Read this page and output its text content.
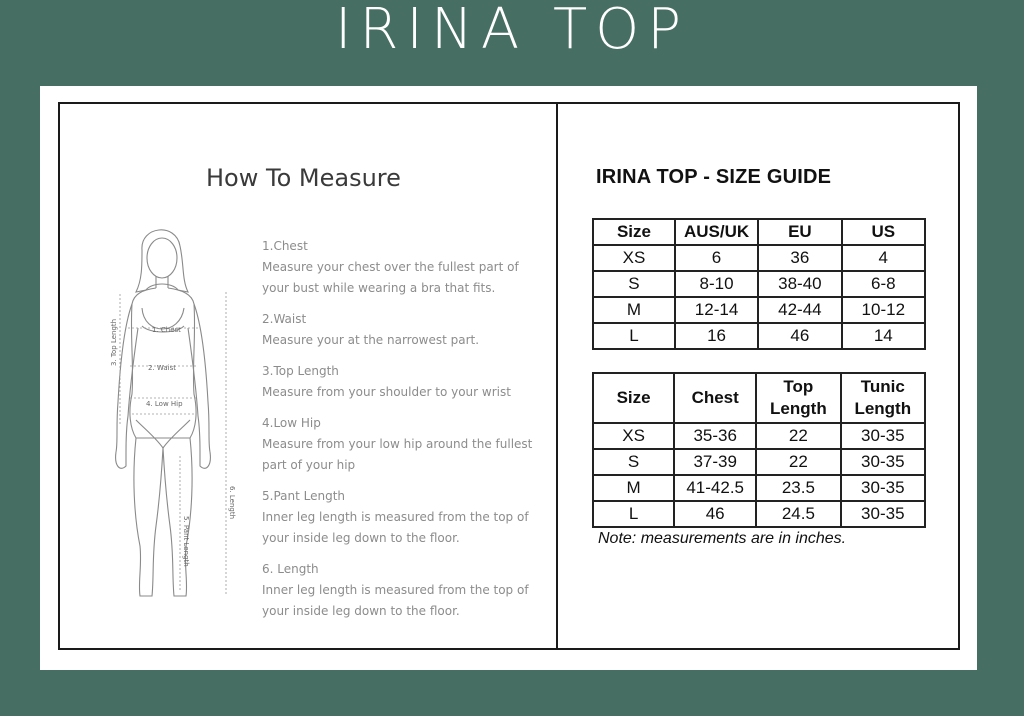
IRINA TOP
How To Measure
1. Chest
2. Waist
4. Low Hip
3. Top Length
6. Length
5. Pant Length
1.Chest
Measure your chest over the fullest part of your bust while wearing a bra that fits.
2.Waist
Measure your at the narrowest part.
3.Top Length
Measure from your shoulder to your wrist
4.Low Hip
Measure from your low hip around the fullest part of your hip
5.Pant Length
Inner leg length is measured from the top of your inside leg down to the floor.
6. Length
Inner leg length is measured from the top of your inside leg down to the floor.
IRINA TOP - SIZE GUIDE
Size	AUS/UK	EU	US
XS	6	36	4
S	8-10	38-40	6-8
M	12-14	42-44	10-12
L	16	46	14
Size	Chest	Top Length	Tunic Length
XS	35-36	22	30-35
S	37-39	22	30-35
M	41-42.5	23.5	30-35
L	46	24.5	30-35
Note: measurements are in inches.
